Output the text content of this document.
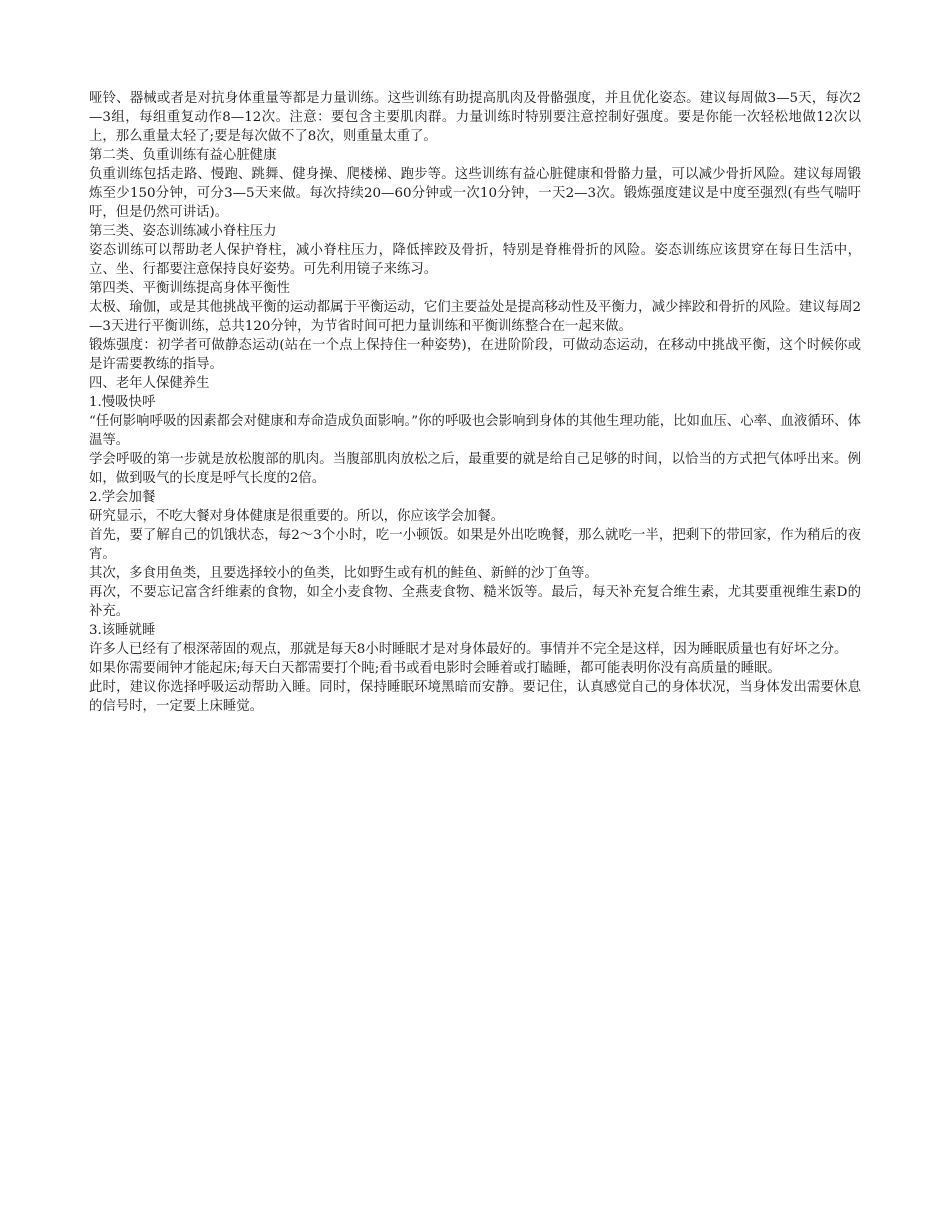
哑铃、器械或者是对抗身体重量等都是力量训练。这些训练有助提高肌肉及骨骼强度，并且优化姿态。建议每周做3—5天，每次2—3组，每组重复动作8—12次。注意：要包含主要肌肉群。力量训练时特别要注意控制好强度。要是你能一次轻松地做12次以上，那么重量太轻了;要是每次做不了8次，则重量太重了。

第二类、负重训练有益心脏健康

负重训练包括走路、慢跑、跳舞、健身操、爬楼梯、跑步等。这些训练有益心脏健康和骨骼力量，可以减少骨折风险。建议每周锻炼至少150分钟，可分3—5天来做。每次持续20—60分钟或一次10分钟，一天2—3次。锻炼强度建议是中度至强烈(有些气喘吁吁，但是仍然可讲话)。

第三类、姿态训练减小脊柱压力

姿态训练可以帮助老人保护脊柱，减小脊柱压力，降低摔跤及骨折，特别是脊椎骨折的风险。姿态训练应该贯穿在每日生活中，立、坐、行都要注意保持良好姿势。可先利用镜子来练习。

第四类、平衡训练提高身体平衡性

太极、瑜伽，或是其他挑战平衡的运动都属于平衡运动，它们主要益处是提高移动性及平衡力，减少摔跤和骨折的风险。建议每周2—3天进行平衡训练，总共120分钟，为节省时间可把力量训练和平衡训练整合在一起来做。

锻炼强度：初学者可做静态运动(站在一个点上保持住一种姿势)，在进阶阶段，可做动态运动，在移动中挑战平衡，这个时候你或是许需要教练的指导。

四、老年人保健养生

1.慢吸快呼

“任何影响呼吸的因素都会对健康和寿命造成负面影响。”你的呼吸也会影响到身体的其他生理功能，比如血压、心率、血液循环、体温等。

学会呼吸的第一步就是放松腹部的肌肉。当腹部肌肉放松之后，最重要的就是给自己足够的时间，以恰当的方式把气体呼出来。例如，做到吸气的长度是呼气长度的2倍。

2.学会加餐

研究显示，不吃大餐对身体健康是很重要的。所以，你应该学会加餐。

首先，要了解自己的饥饿状态，每2～3个小时，吃一小顿饭。如果是外出吃晚餐，那么就吃一半，把剩下的带回家，作为稍后的夜宵。

其次，多食用鱼类，且要选择较小的鱼类，比如野生或有机的鲑鱼、新鲜的沙丁鱼等。

再次，不要忘记富含纤维素的食物，如全小麦食物、全燕麦食物、糙米饭等。最后，每天补充复合维生素，尤其要重视维生素D的补充。

3.该睡就睡

许多人已经有了根深蒂固的观点，那就是每天8小时睡眠才是对身体最好的。事情并不完全是这样，因为睡眠质量也有好坏之分。

如果你需要闹钟才能起床;每天白天都需要打个盹;看书或看电影时会睡着或打瞌睡，都可能表明你没有高质量的睡眠。

此时，建议你选择呼吸运动帮助入睡。同时，保持睡眠环境黑暗而安静。要记住，认真感觉自己的身体状况，当身体发出需要休息的信号时，一定要上床睡觉。
